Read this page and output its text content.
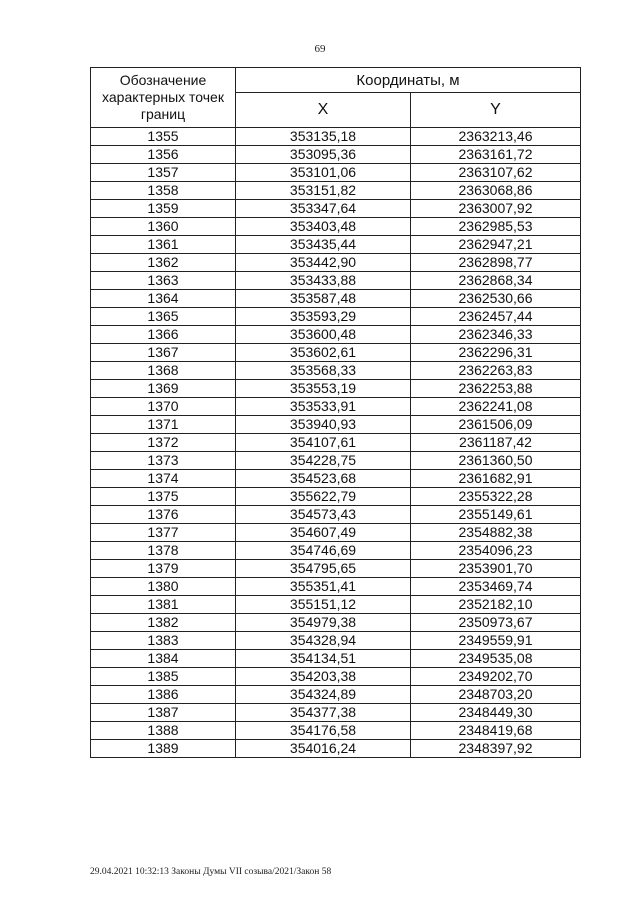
69
Обозначение характерных точек границ	Координаты, м	
	X	Y
1355	353135,18	2363213,46
1356	353095,36	2363161,72
1357	353101,06	2363107,62
1358	353151,82	2363068,86
1359	353347,64	2363007,92
1360	353403,48	2362985,53
1361	353435,44	2362947,21
1362	353442,90	2362898,77
1363	353433,88	2362868,34
1364	353587,48	2362530,66
1365	353593,29	2362457,44
1366	353600,48	2362346,33
1367	353602,61	2362296,31
1368	353568,33	2362263,83
1369	353553,19	2362253,88
1370	353533,91	2362241,08
1371	353940,93	2361506,09
1372	354107,61	2361187,42
1373	354228,75	2361360,50
1374	354523,68	2361682,91
1375	355622,79	2355322,28
1376	354573,43	2355149,61
1377	354607,49	2354882,38
1378	354746,69	2354096,23
1379	354795,65	2353901,70
1380	355351,41	2353469,74
1381	355151,12	2352182,10
1382	354979,38	2350973,67
1383	354328,94	2349559,91
1384	354134,51	2349535,08
1385	354203,38	2349202,70
1386	354324,89	2348703,20
1387	354377,38	2348449,30
1388	354176,58	2348419,68
1389	354016,24	2348397,92
29.04.2021 10:32:13 Законы Думы VII созыва/2021/Закон 58
